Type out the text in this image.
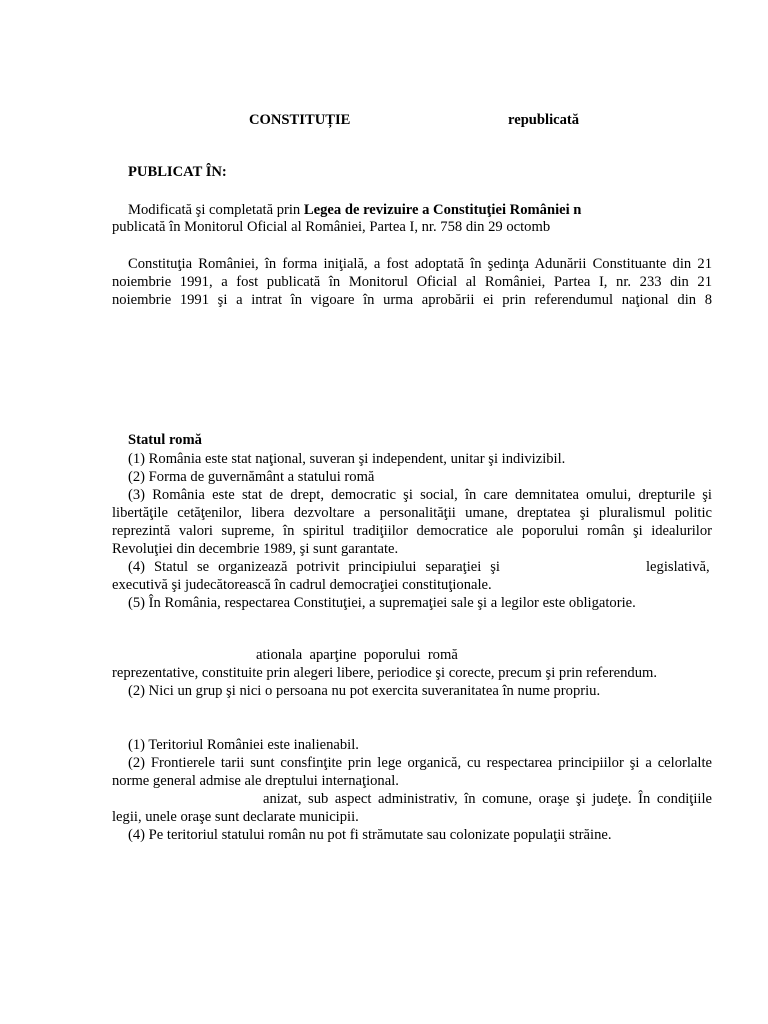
CONSTITUȚIE	republicată
PUBLICAT ÎN:
Modificată şi completată prin Legea de revizuire a Constituţiei României n
publicată în Monitorul Oficial al României, Partea I, nr. 758 din 29 octomb
Constituţia României, în forma iniţială, a fost adoptată în şedinţa Adunării Constituante din 21
noiembrie 1991, a fost publicată în Monitorul Oficial al României, Partea I, nr. 233 din 21
noiembrie 1991 şi a intrat în vigoare în urma aprobării ei prin referendumul naţional din 8
Statul romă
(1) România este stat naţional, suveran şi independent, unitar şi indivizibil.
(2) Forma de guvernământ a statului romă
(3) România este stat de drept, democratic şi social, în care demnitatea omului, drepturile şi
libertăţile cetăţenilor, libera dezvoltare a personalităţii umane, dreptatea şi pluralismul politic
reprezintă valori supreme, în spiritul tradiţiilor democratice ale poporului român şi idealurilor
Revoluţiei din decembrie 1989, şi sunt garantate.
(4) Statul se organizează potrivit principiului separaţiei şi	legislativă,
executivă şi judecătorească în cadrul democraţiei constituţionale.
(5) În România, respectarea Constituţiei, a supremaţiei sale şi a legilor este obligatorie.
ationala  aparţine  poporului  romă
reprezentative, constituite prin alegeri libere, periodice şi corecte, precum şi prin referendum.
(2) Nici un grup şi nici o persoana nu pot exercita suveranitatea în nume propriu.
(1) Teritoriul României este inalienabil.
(2) Frontierele tarii sunt consfinţite prin lege organică, cu respectarea principiilor şi a celorlalte
norme general admise ale dreptului internaţional.
anizat, sub aspect administrativ, în comune, oraşe şi judeţe. În condiţiile
legii, unele oraşe sunt declarate municipii.
(4) Pe teritoriul statului român nu pot fi strămutate sau colonizate populaţii străine.
